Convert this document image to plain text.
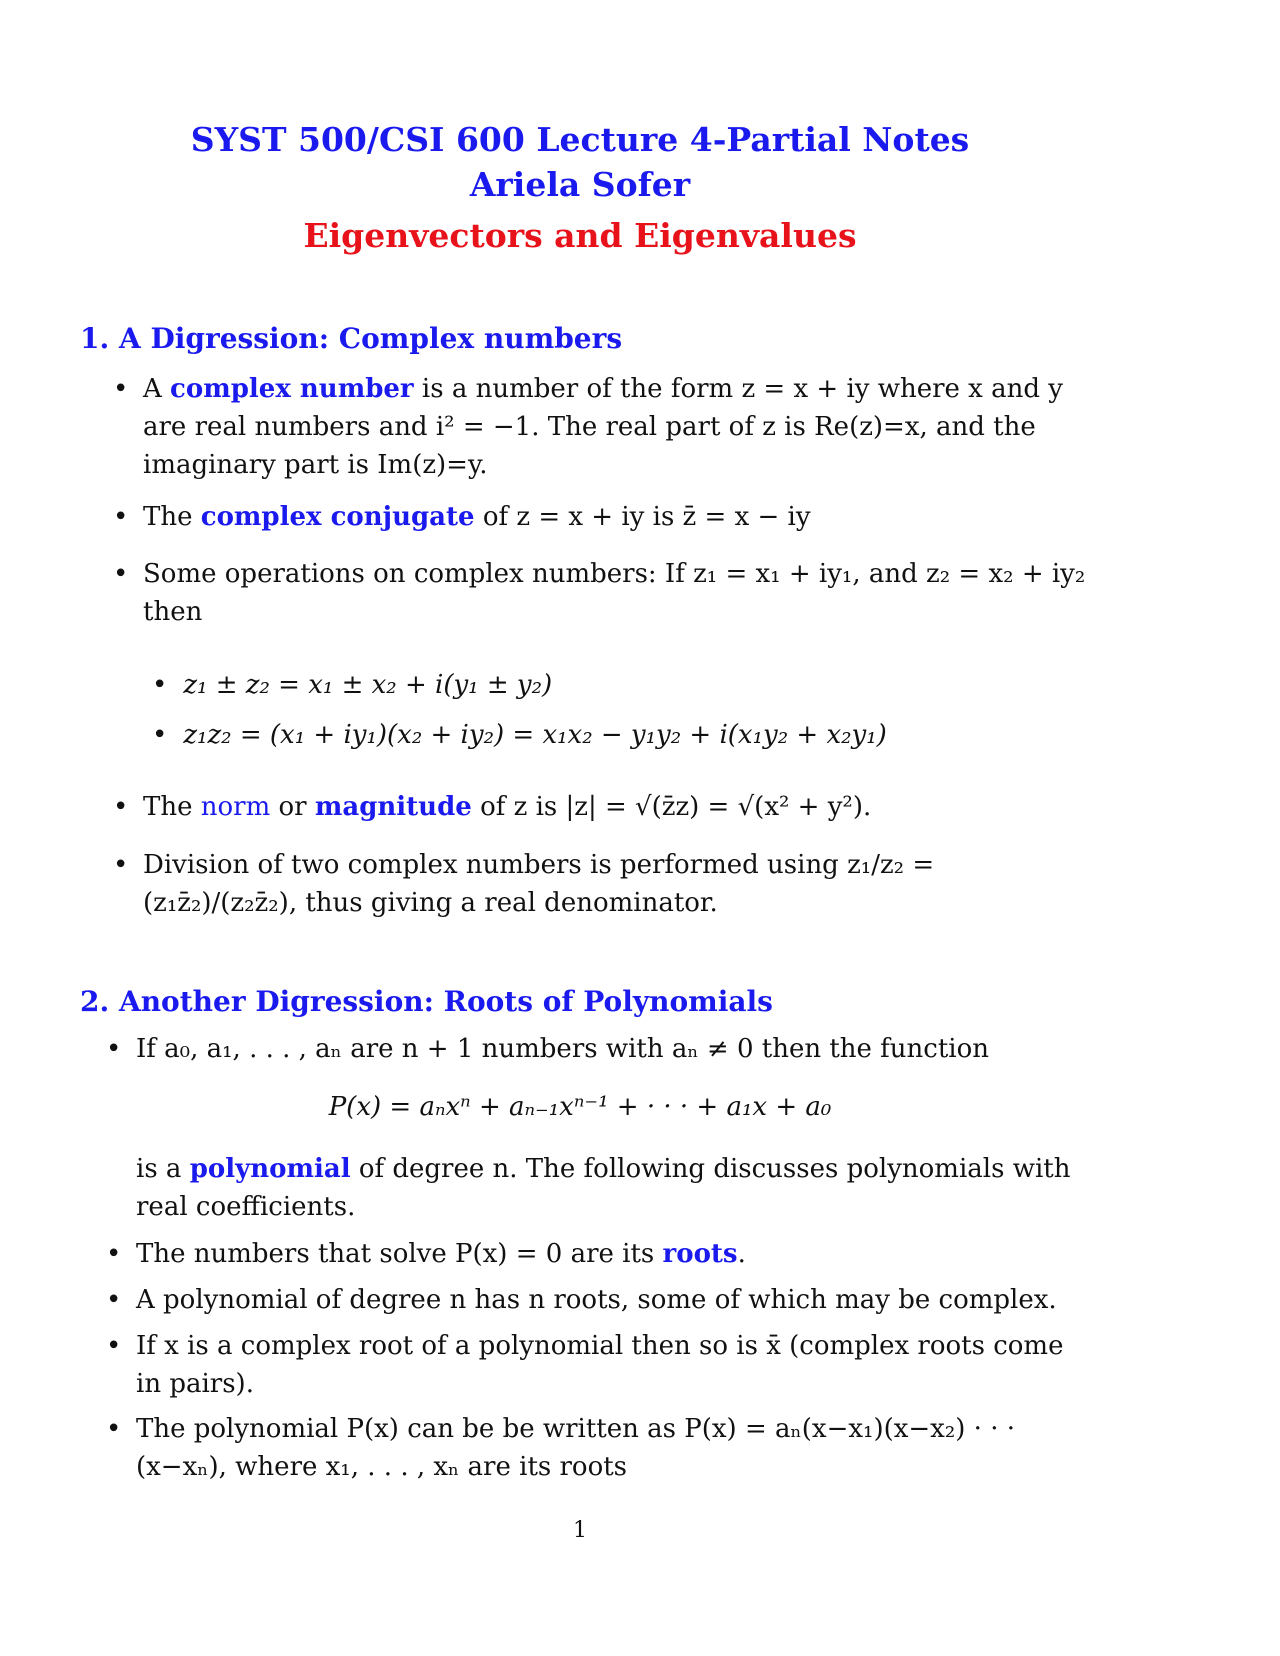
SYST 500/CSI 600 Lecture 4-Partial Notes
Ariela Sofer
Eigenvectors and Eigenvalues
1. A Digression: Complex numbers
• A complex number is a number of the form z = x + iy where x and y are real numbers and i² = −1. The real part of z is Re(z)=x, and the imaginary part is Im(z)=y.
• The complex conjugate of z = x + iy is z̄ = x − iy
• Some operations on complex numbers: If z₁ = x₁ + iy₁, and z₂ = x₂ + iy₂ then
• z₁ ± z₂ = x₁ ± x₂ + i(y₁ ± y₂)
• z₁z₂ = (x₁ + iy₁)(x₂ + iy₂) = x₁x₂ − y₁y₂ + i(x₁y₂ + x₂y₁)
• The norm or magnitude of z is |z| = √(z̄z) = √(x² + y²).
• Division of two complex numbers is performed using z₁/z₂ = (z₁z̄₂)/(z₂z̄₂), thus giving a real denominator.
2. Another Digression: Roots of Polynomials
• If a₀, a₁, . . . , aₙ are n + 1 numbers with aₙ ≠ 0 then the function
P(x) = aₙxⁿ + aₙ₋₁xⁿ⁻¹ + · · · + a₁x + a₀
is a polynomial of degree n. The following discusses polynomials with real coefficients.
• The numbers that solve P(x) = 0 are its roots.
• A polynomial of degree n has n roots, some of which may be complex.
• If x is a complex root of a polynomial then so is x̄ (complex roots come in pairs).
• The polynomial P(x) can be be written as P(x) = aₙ(x−x₁)(x−x₂) · · · (x−xₙ), where x₁, . . . , xₙ are its roots
1
